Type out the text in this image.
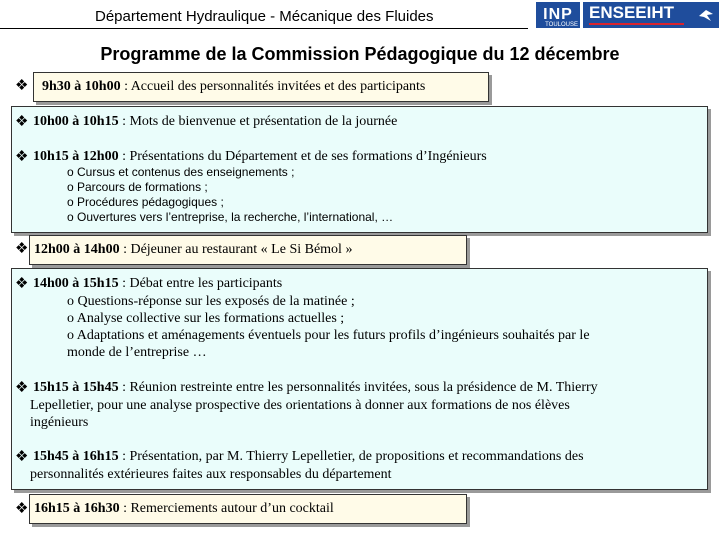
Département Hydraulique - Mécanique des Fluides	INP
TOULOUSE
ENSEEIHT
Programme de la Commission Pédagogique du 12 décembre
❖ 9h30 à 10h00 : Accueil des personnalités invitées et des participants
❖ 10h00 à 10h15 : Mots de bienvenue et présentation de la journée
❖ 10h15 à 12h00 : Présentations du Département et de ses formations d’Ingénieurs
o Cursus et contenus des enseignements ;
o Parcours de formations ;
o Procédures pédagogiques ;
o Ouvertures vers l’entreprise, la recherche, l’international, …
❖ 12h00 à 14h00 : Déjeuner au restaurant « Le Si Bémol »
❖ 14h00 à 15h15 : Débat entre les participants
o Questions-réponse sur les exposés de la matinée ;
o Analyse collective sur les formations actuelles ;
o Adaptations et aménagements éventuels pour les futurs profils d’ingénieurs souhaités par le
monde de l’entreprise …
❖ 15h15 à 15h45 : Réunion restreinte entre les personnalités invitées, sous la présidence de M. Thierry
Lepelletier, pour une analyse prospective des orientations à donner aux formations de nos élèves
ingénieurs
❖ 15h45 à 16h15 : Présentation, par M. Thierry Lepelletier, de propositions et recommandations des
personnalités extérieures faites aux responsables du département
❖ 16h15 à 16h30 : Remerciements autour d’un cocktail
